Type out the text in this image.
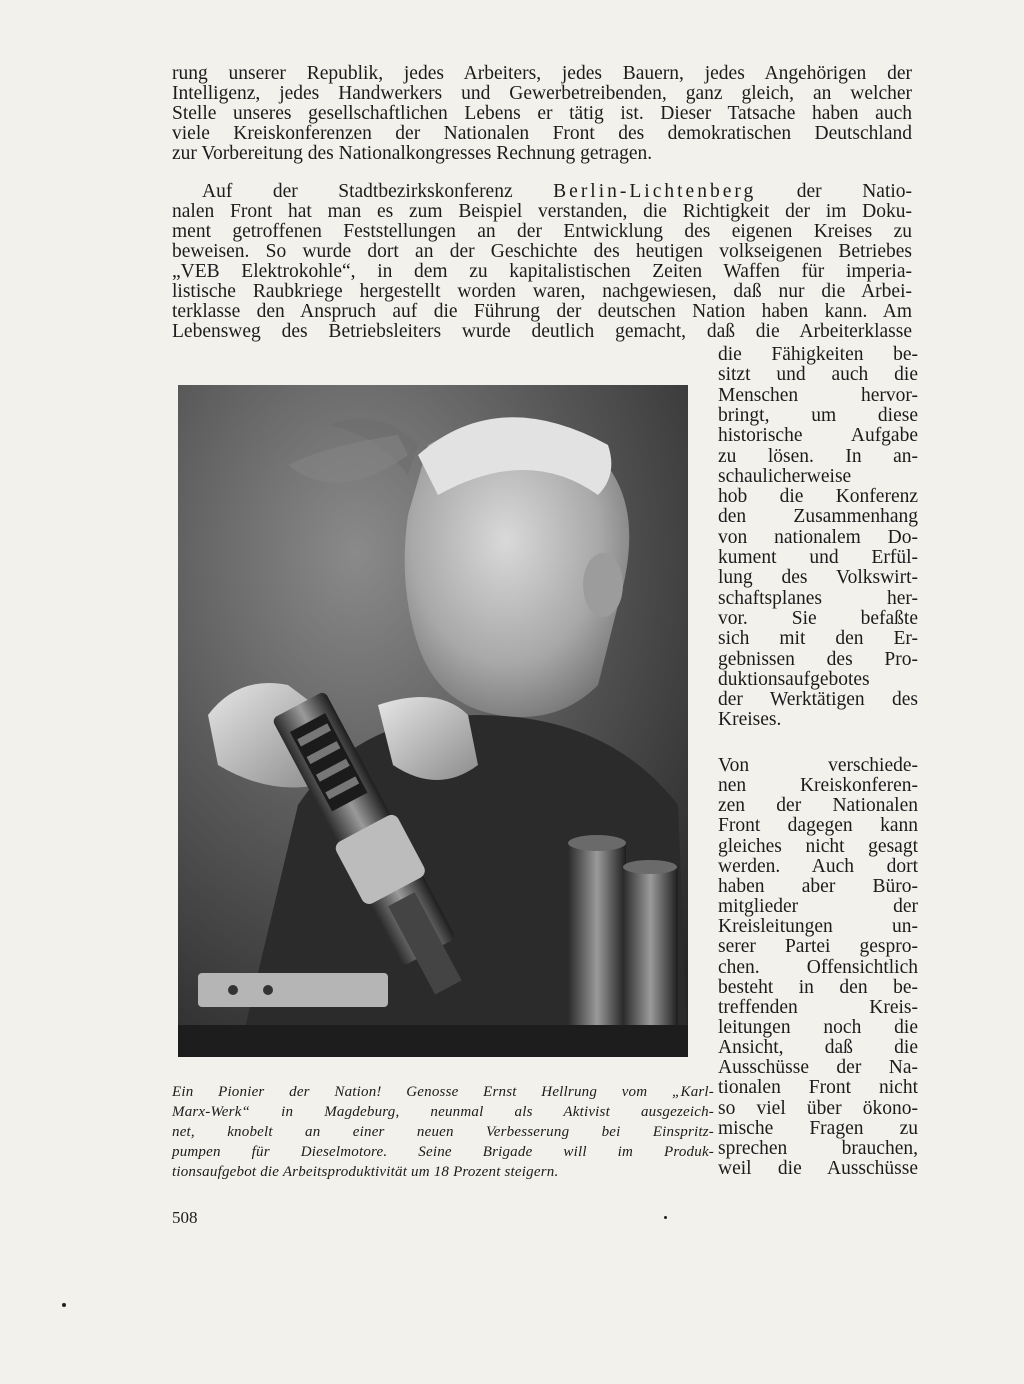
rung unserer Republik, jedes Arbeiters, jedes Bauern, jedes Angehörigen der
Intelligenz, jedes Handwerkers und Gewerbetreibenden, ganz gleich, an welcher
Stelle unseres gesellschaftlichen Lebens er tätig ist. Dieser Tatsache haben auch
viele Kreiskonferenzen der Nationalen Front des demokratischen Deutschland
zur Vorbereitung des Nationalkongresses Rechnung getragen.
Auf der Stadtbezirkskonferenz Berlin-Lichtenberg der Natio-
nalen Front hat man es zum Beispiel verstanden, die Richtigkeit der im Doku-
ment getroffenen Feststellungen an der Entwicklung des eigenen Kreises zu
beweisen. So wurde dort an der Geschichte des heutigen volkseigenen Betriebes
„VEB Elektrokohle“, in dem zu kapitalistischen Zeiten Waffen für imperia-
listische Raubkriege hergestellt worden waren, nachgewiesen, daß nur die Arbei-
terklasse den Anspruch auf die Führung der deutschen Nation haben kann. Am
Lebensweg des Betriebsleiters wurde deutlich gemacht, daß die Arbeiterklasse
die Fähigkeiten be-
sitzt und auch die
Menschen hervor-
bringt, um diese
historische Aufgabe
zu lösen. In an-
schaulicherweise
hob die Konferenz
den Zusammenhang
von nationalem Do-
kument und Erfül-
lung des Volkswirt-
schaftsplanes her-
vor. Sie befaßte
sich mit den Er-
gebnissen des Pro-
duktionsaufgebotes
der Werktätigen des
Kreises.
Von verschiede-
nen Kreiskonferen-
zen der Nationalen
Front dagegen kann
gleiches nicht gesagt
werden. Auch dort
haben aber Büro-
mitglieder der
Kreisleitungen un-
serer Partei gespro-
chen. Offensichtlich
besteht in den be-
treffenden Kreis-
leitungen noch die
Ansicht, daß die
Ausschüsse der Na-
tionalen Front nicht
so viel über ökono-
mische Fragen zu
sprechen brauchen,
weil die Ausschüsse
Ein Pionier der Nation! Genosse Ernst Hellrung vom „Karl-
Marx-Werk“ in Magdeburg, neunmal als Aktivist ausgezeich-
net, knobelt an einer neuen Verbesserung bei Einspritz-
pumpen für Dieselmotore. Seine Brigade will im Produk-
tionsaufgebot die Arbeitsproduktivität um 18 Prozent steigern.
508
